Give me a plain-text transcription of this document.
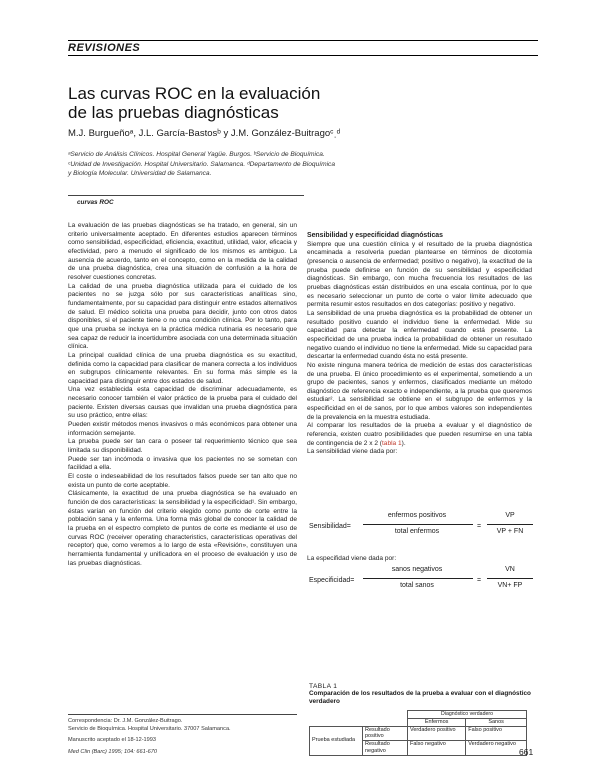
REVISIONES
Las curvas ROC en la evaluación
de las pruebas diagnósticas
M.J. Burgueñoᵃ, J.L. García-Bastosᵇ y J.M. González-Buitragoᶜˌᵈ
ᵃServicio de Análisis Clínicos. Hospital General Yagüe. Burgos. ᵇServicio de Bioquímica.
ᶜUnidad de Investigación. Hospital Universitario. Salamanca. ᵈDepartamento de Bioquímica
y Biología Molecular. Universidad de Salamanca.
curvas ROC

La evaluación de las pruebas diagnósticas se ha tratado, en general, sin un criterio universalmente aceptado. En diferentes estudios aparecen términos como sensibilidad, especificidad, eficiencia, exactitud, utilidad, valor, eficacia y efectividad, pero a menudo el significado de los mismos es ambiguo. La ausencia de acuerdo, tanto en el concepto, como en la medida de la calidad de una prueba diagnóstica, crea una situación de confusión a la hora de resolver cuestiones concretas.

La calidad de una prueba diagnóstica utilizada para el cuidado de los pacientes no se juzga sólo por sus características analíticas sino, fundamentalmente, por su capacidad para distinguir entre estados alternativos de salud. El médico solicita una prueba para decidir, junto con otros datos disponibles, si el paciente tiene o no una condición clínica. Por lo tanto, para que una prueba se incluya en la práctica médica rutinaria es necesario que sea capaz de reducir la incertidumbre asociada con una determinada situación clínica.

La principal cualidad clínica de una prueba diagnóstica es su exactitud, definida como la capacidad para clasificar de manera correcta a los individuos en subgrupos clínicamente relevantes. En su forma más simple es la capacidad para distinguir entre dos estados de salud.

Una vez establecida esta capacidad de discriminar adecuadamente, es necesario conocer también el valor práctico de la prueba para el cuidado del paciente. Existen diversas causas que invalidan una prueba diagnóstica para su uso práctico, entre ellas:

Pueden existir métodos menos invasivos o más económicos para obtener una información semejante.

La prueba puede ser tan cara o poseer tal requerimiento técnico que sea limitada su disponibilidad.

Puede ser tan incómoda o invasiva que los pacientes no se sometan con facilidad a ella.

El coste o indeseabilidad de los resultados falsos puede ser tan alto que no exista un punto de corte aceptable.

Clásicamente, la exactitud de una prueba diagnóstica se ha evaluado en función de dos características: la sensibilidad y la especificidad¹. Sin embargo, éstas varían en función del criterio elegido como punto de corte entre la población sana y la enferma. Una forma más global de conocer la calidad de la prueba en el espectro completo de puntos de corte es mediante el uso de curvas ROC (receiver operating characteristics, características operativas del receptor) que, como veremos a lo largo de esta «Revisión», constituyen una herramienta fundamental y unificadora en el proceso de evaluación y uso de las pruebas diagnósticas.

Sensibilidad y especificidad diagnósticas

Siempre que una cuestión clínica y el resultado de la prueba diagnóstica encaminada a resolverla puedan plantearse en términos de dicotomía (presencia o ausencia de enfermedad; positivo o negativo), la exactitud de la prueba puede definirse en función de su sensibilidad y especificidad diagnósticas. Sin embargo, con mucha frecuencia los resultados de las pruebas diagnósticas están distribuidos en una escala continua, por lo que es necesario seleccionar un punto de corte o valor límite adecuado que permita resumir estos resultados en dos categorías: positivo y negativo.

La sensibilidad de una prueba diagnóstica es la probabilidad de obtener un resultado positivo cuando el individuo tiene la enfermedad. Mide su capacidad para detectar la enfermedad cuando está presente. La especificidad de una prueba indica la probabilidad de obtener un resultado negativo cuando el individuo no tiene la enfermedad. Mide su capacidad para descartar la enfermedad cuando ésta no está presente.

No existe ninguna manera teórica de medición de estas dos características de una prueba. El único procedimiento es el experimental, sometiendo a un grupo de pacientes, sanos y enfermos, clasificados mediante un método diagnóstico de referencia exacto e independiente, a la prueba que queremos estudiar². La sensibilidad se obtiene en el subgrupo de enfermos y la especificidad en el de sanos, por lo que ambos valores son independientes de la prevalencia en la muestra estudiada.

Al comparar los resultados de la prueba a evaluar y el diagnóstico de referencia, existen cuatro posibilidades que pueden resumirse en una tabla de contingencia de 2 x 2 (tabla 1).

La sensibilidad viene dada por:

Sensibilidad=
enfermos positivos
total enfermos
=
VP
VP + FN
La especifidad viene dada por:
Especificidad=
sanos negativos
total sanos
=
VN
VN+ FP
TABLA 1
Comparación de los resultados de la prueba a evaluar con el diagnóstico verdadero
		Diagnóstico verdadero	
		Enfermos	Sanos
Prueba estudiada	Resultado positivo	Verdadero positivo	Falso positivo
	Resultado negativo	Falso negativo	Verdadero negativo
Correspondencia: Dr. J.M. González-Buitrago.
Servicio de Bioquímica. Hospital Universitario. 37007 Salamanca.
Manuscrito aceptado el 18-12-1993
Med Clin (Barc) 1995; 104: 661-670	661
